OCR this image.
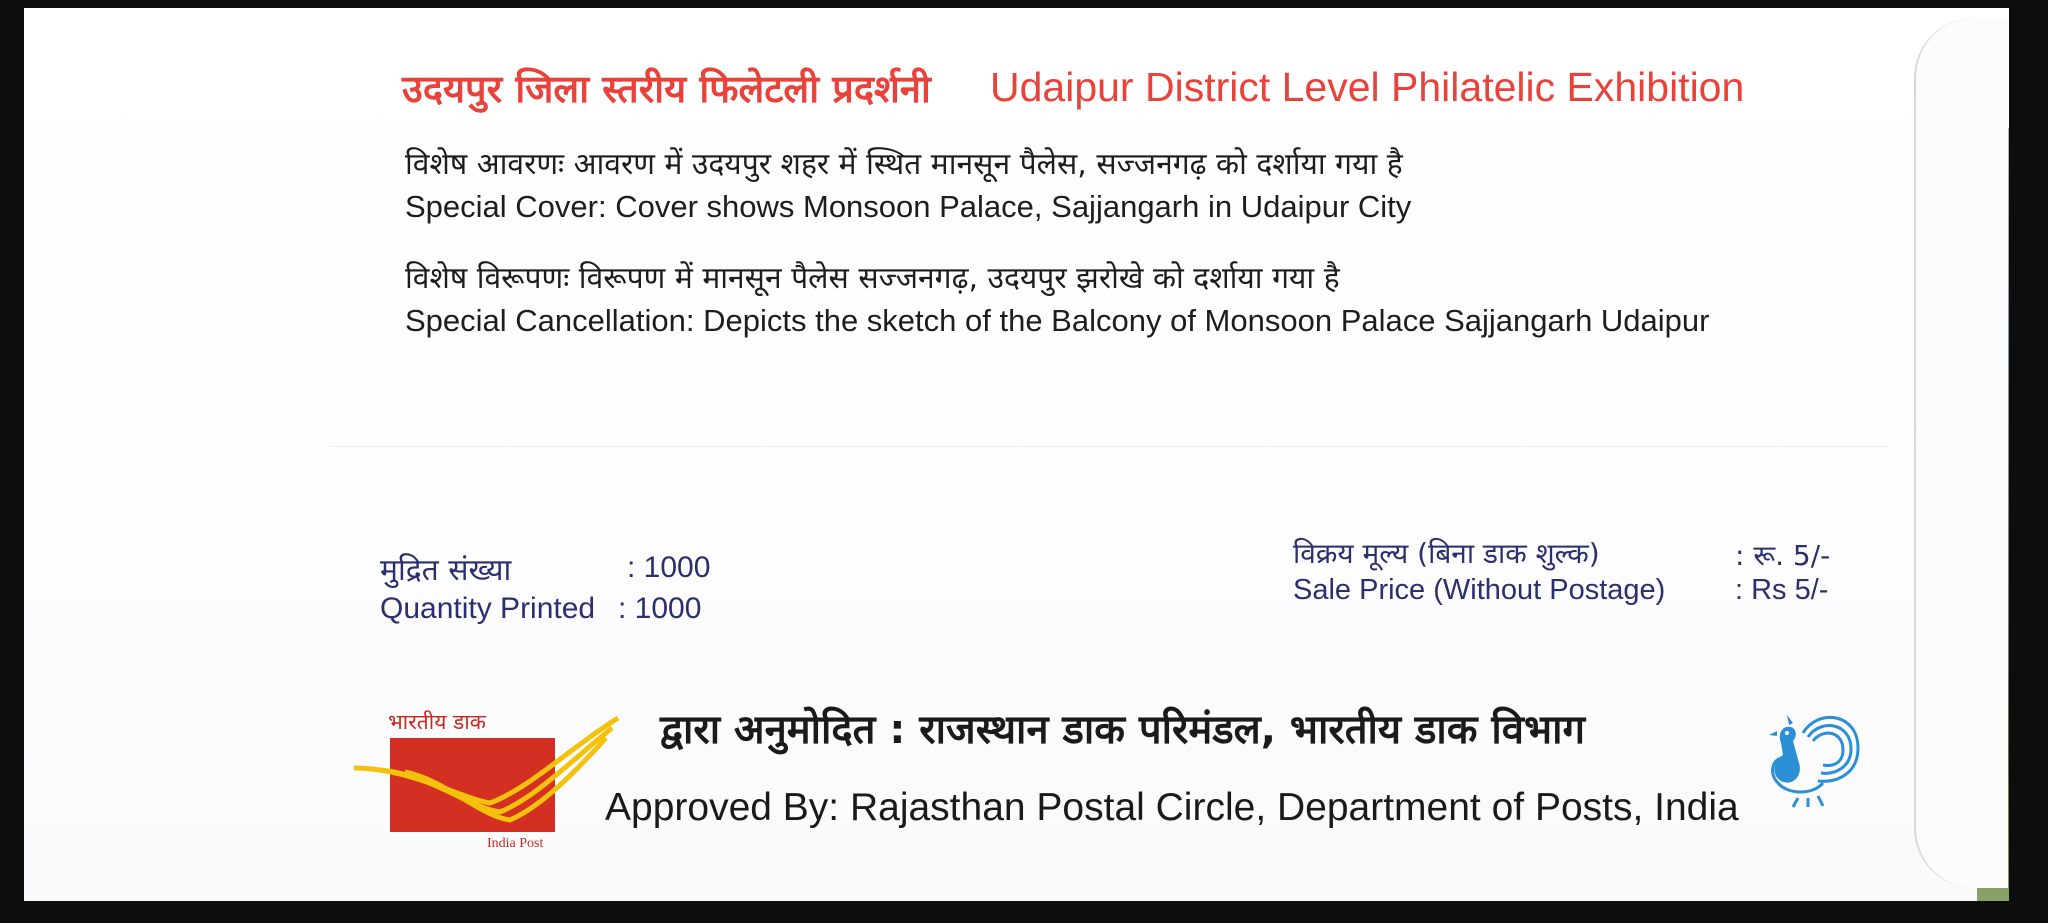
उदयपुर जिला स्तरीय फिलेटली प्रदर्शनी Udaipur District Level Philatelic Exhibition
विशेष आवरणः आवरण में उदयपुर शहर में स्थित मानसून पैलेस, सज्जनगढ़ को दर्शाया गया है
Special Cover: Cover shows Monsoon Palace, Sajjangarh in Udaipur City
विशेष विरूपणः विरूपण में मानसून पैलेस सज्जनगढ़, उदयपुर झरोखे को दर्शाया गया है
Special Cancellation: Depicts the sketch of the Balcony of Monsoon Palace Sajjangarh Udaipur
मुद्रित संख्या	: 1000
Quantity Printed : 1000
विक्रय मूल्य (बिना डाक शुल्क)	: रू. 5/-
Sale Price (Without Postage) : Rs 5/-
भारतीय डाक
India Post
द्वारा अनुमोदित : राजस्थान डाक परिमंडल, भारतीय डाक विभाग
Approved By: Rajasthan Postal Circle, Department of Posts, India
